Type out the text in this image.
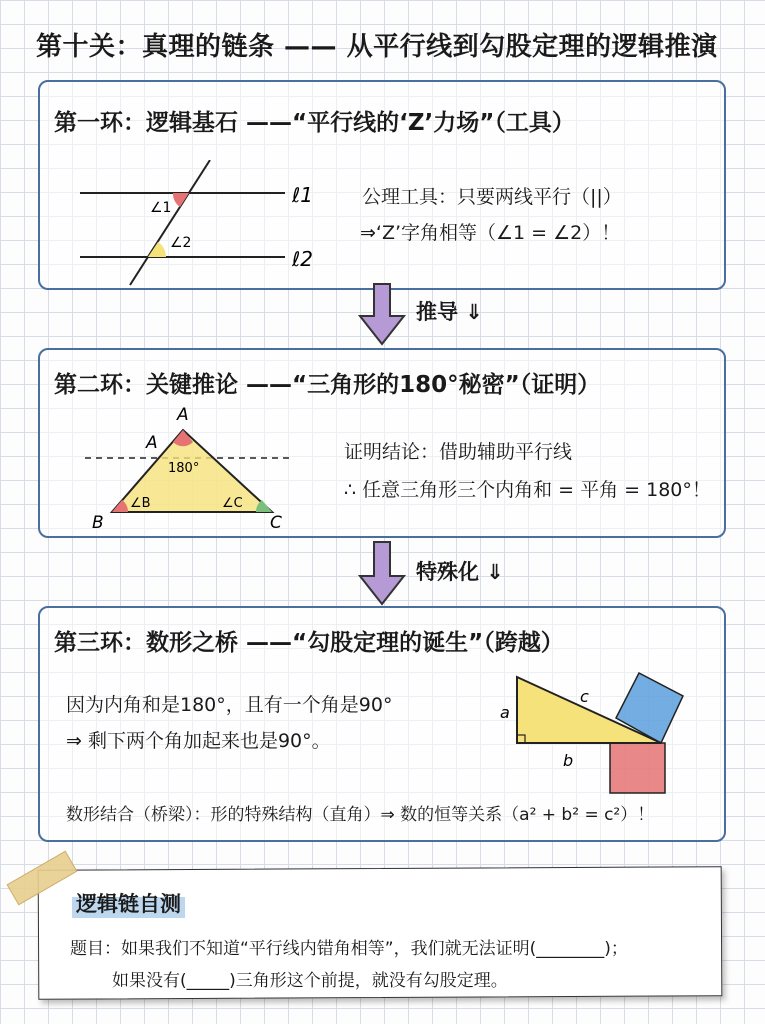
第十关：真理的链条 —— 从平行线到勾股定理的逻辑推演
第一环：逻辑基石 ——“平行线的‘Z’力场”（工具）
∠1
∠2
ℓ1
ℓ2
公理工具：只要两线平行（||）
⇒‘Z’字角相等（∠1 = ∠2）！
推导 ⇓
第二环：关键推论 ——“三角形的180°秘密”（证明）
A
A
180°
∠B	∠C
B	C
证明结论：借助辅助平行线
∴ 任意三角形三个内角和 = 平角 = 180°！
特殊化 ⇓
第三环：数形之桥 ——“勾股定理的诞生”（跨越）
因为内角和是180°，且有一个角是90°
⇒ 剩下两个角加起来也是90°。
a
b
c
数形结合（桥梁）：形的特殊结构（直角）⇒ 数的恒等关系（a² + b² = c²）！
逻辑链自测
题目：如果我们不知道“平行线内错角相等”，我们就无法证明(________)；
如果没有(_____)三角形这个前提，就没有勾股定理。
